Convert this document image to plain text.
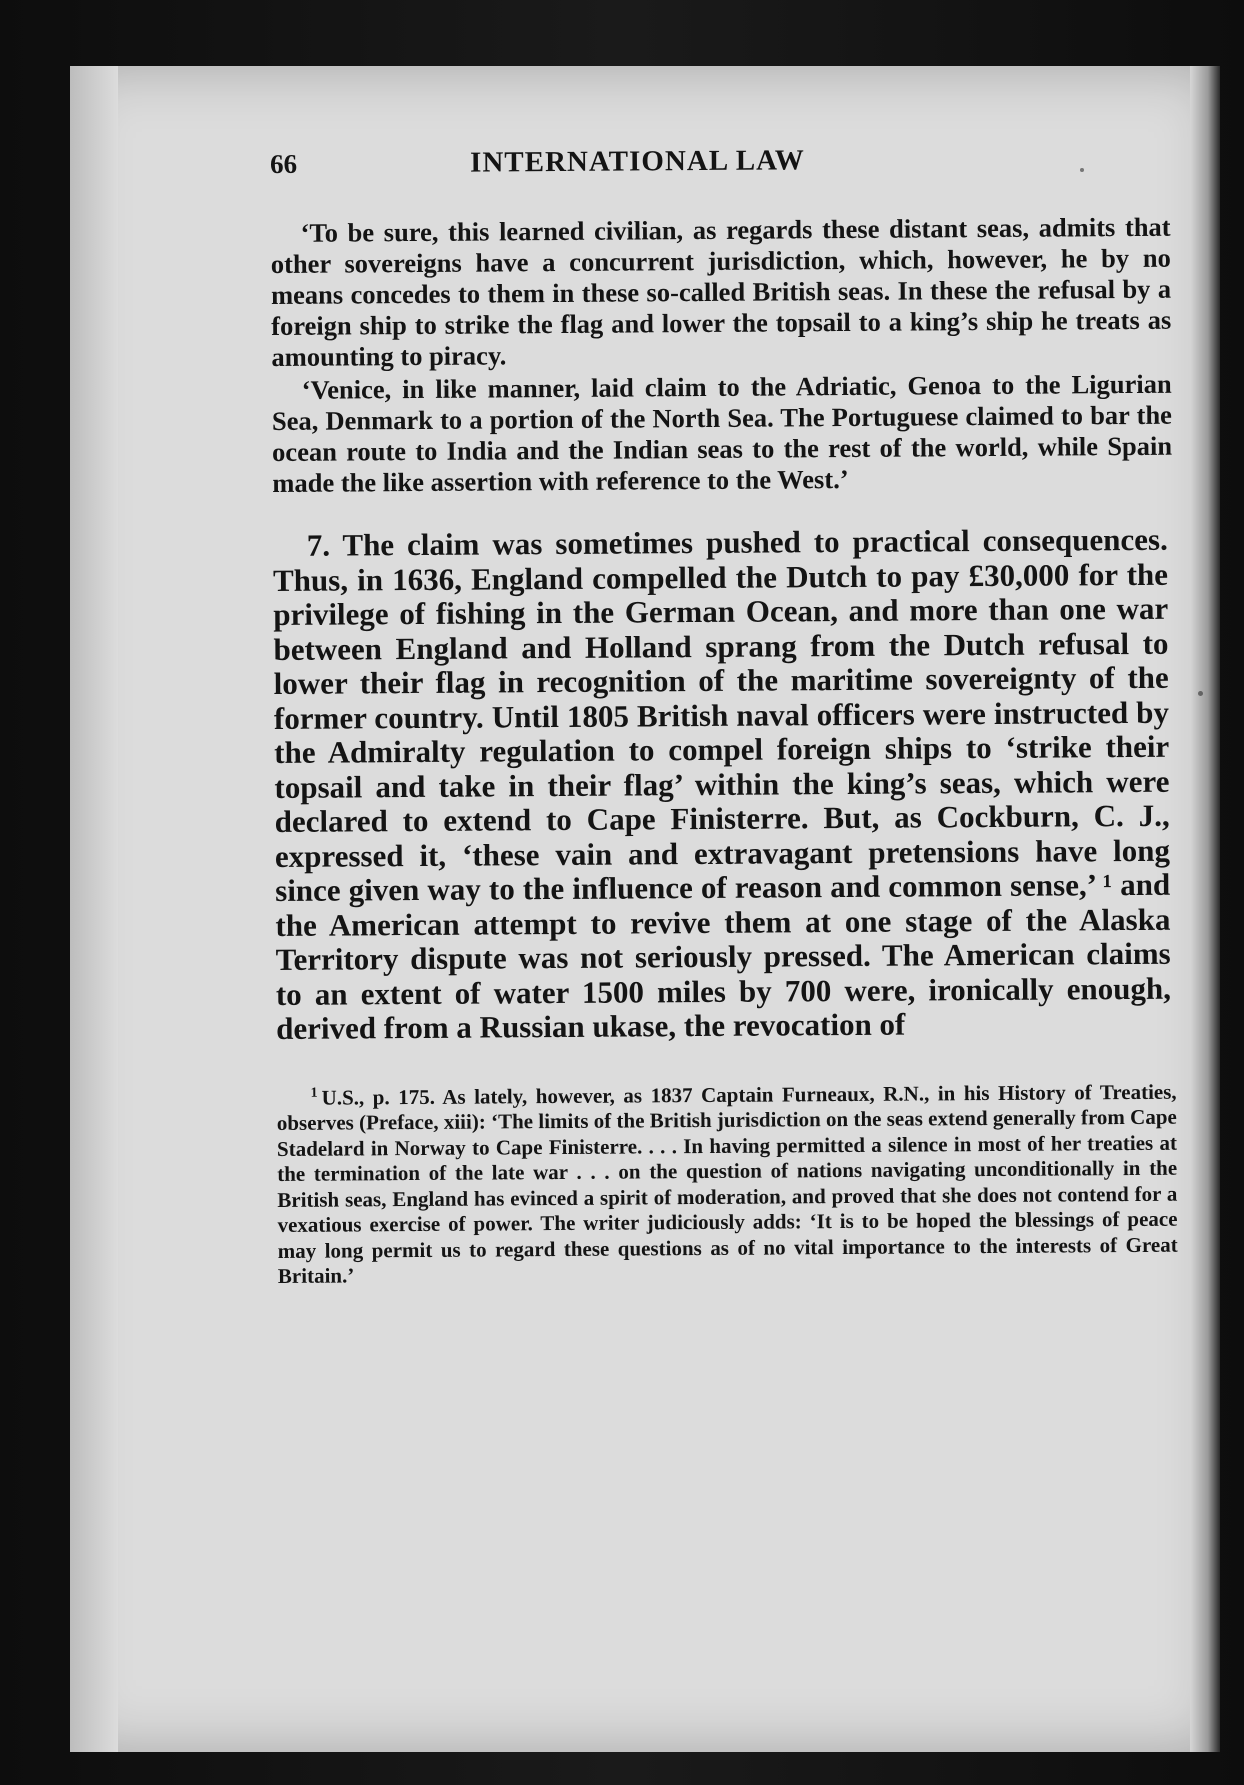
66	INTERNATIONAL LAW

‘To be sure, this learned civilian, as regards these distant seas, admits that other sovereigns have a concurrent jurisdiction, which, however, he by no means concedes to them in these so-called British seas. In these the refusal by a foreign ship to strike the flag and lower the topsail to a king’s ship he treats as amounting to piracy.

‘Venice, in like manner, laid claim to the Adriatic, Genoa to the Ligurian Sea, Denmark to a portion of the North Sea. The Portuguese claimed to bar the ocean route to India and the Indian seas to the rest of the world, while Spain made the like assertion with reference to the West.’

7. The claim was sometimes pushed to practical consequences. Thus, in 1636, England compelled the Dutch to pay £30,000 for the privilege of fishing in the German Ocean, and more than one war between England and Holland sprang from the Dutch refusal to lower their flag in recognition of the maritime sovereignty of the former country. Until 1805 British naval officers were instructed by the Admiralty regulation to compel foreign ships to ‘strike their topsail and take in their flag’ within the king’s seas, which were declared to extend to Cape Finisterre. But, as Cockburn, C. J., expressed it, ‘these vain and extravagant pretensions have long since given way to the influence of reason and common sense,’ ¹ and the American attempt to revive them at one stage of the Alaska Territory dispute was not seriously pressed. The American claims to an extent of water 1500 miles by 700 were, ironically enough, derived from a Russian ukase, the revocation of

$^1$ U.S., p. 175. As lately, however, as 1837 Captain Furneaux, R.N., in his History of Treaties, observes (Preface, xiii): ‘The limits of the British jurisdiction on the seas extend generally from Cape Stadelard in Norway to Cape Finisterre. . . . In having permitted a silence in most of her treaties at the termination of the late war . . . on the question of nations navigating unconditionally in the British seas, England has evinced a spirit of moderation, and proved that she does not contend for a vexatious exercise of power. The writer judiciously adds: ‘It is to be hoped the blessings of peace may long permit us to regard these questions as of no vital importance to the interests of Great Britain.’
